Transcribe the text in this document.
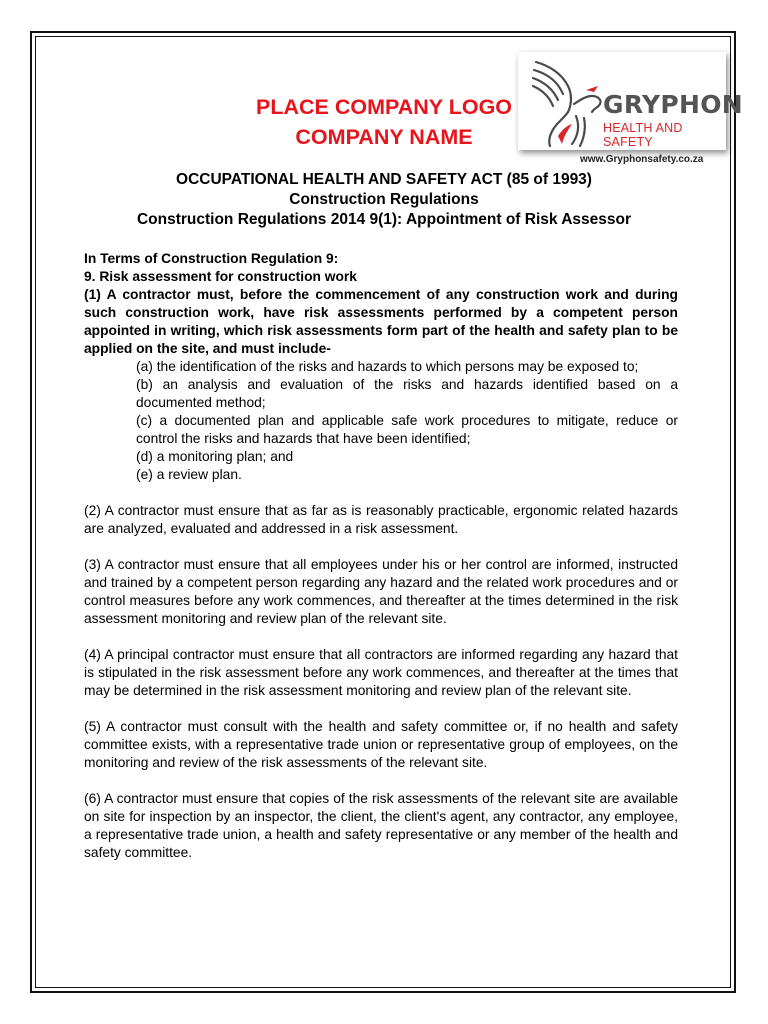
PLACE COMPANY LOGO
COMPANY NAME
GRYPHON
HEALTH AND SAFETY
www.Gryphonsafety.co.za
OCCUPATIONAL HEALTH AND SAFETY ACT (85 of 1993)
Construction Regulations
Construction Regulations 2014 9(1): Appointment of Risk Assessor

In Terms of Construction Regulation 9:

9. Risk assessment for construction work

(1) A contractor must, before the commencement of any construction work and during such construction work, have risk assessments performed by a competent person appointed in writing, which risk assessments form part of the health and safety plan to be applied on the site, and must include-

(a) the identification of the risks and hazards to which persons may be exposed to;

(b) an analysis and evaluation of the risks and hazards identified based on a documented method;

(c) a documented plan and applicable safe work procedures to mitigate, reduce or control the risks and hazards that have been identified;

(d) a monitoring plan; and

(e) a review plan.

(2) A contractor must ensure that as far as is reasonably practicable, ergonomic related hazards are analyzed, evaluated and addressed in a risk assessment.

(3) A contractor must ensure that all employees under his or her control are informed, instructed and trained by a competent person regarding any hazard and the related work procedures and or control measures before any work commences, and thereafter at the times determined in the risk assessment monitoring and review plan of the relevant site.

(4) A principal contractor must ensure that all contractors are informed regarding any hazard that is stipulated in the risk assessment before any work commences, and thereafter at the times that may be determined in the risk assessment monitoring and review plan of the relevant site.

(5) A contractor must consult with the health and safety committee or, if no health and safety committee exists, with a representative trade union or representative group of employees, on the monitoring and review of the risk assessments of the relevant site.

(6) A contractor must ensure that copies of the risk assessments of the relevant site are available on site for inspection by an inspector, the client, the client's agent, any contractor, any employee, a representative trade union, a health and safety representative or any member of the health and safety committee.
